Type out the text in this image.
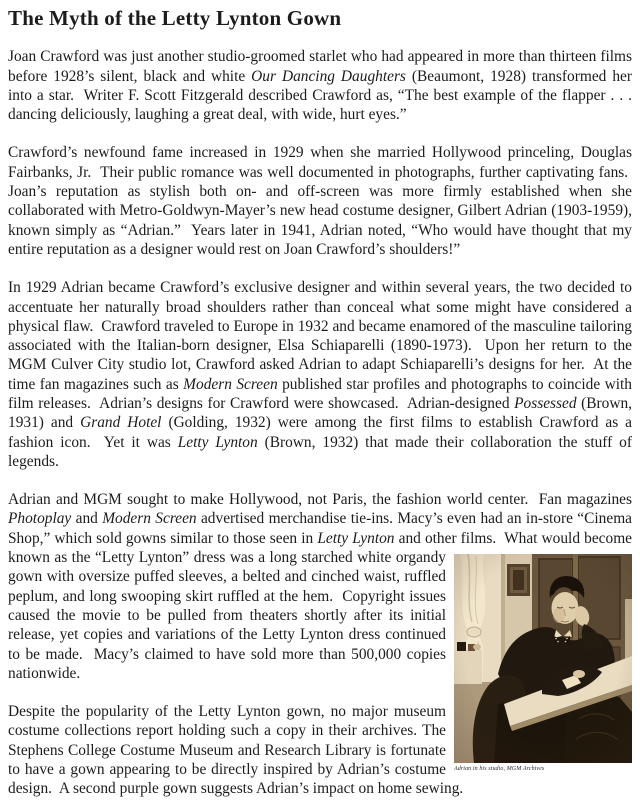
The Myth of the Letty Lynton Gown
Joan Crawford was just another studio-groomed starlet who had appeared in more than thirteen films before 1928’s silent, black and white Our Dancing Daughters (Beaumont, 1928) transformed her into a star.  Writer F. Scott Fitzgerald described Crawford as, “The best example of the flapper . . . dancing deliciously, laughing a great deal, with wide, hurt eyes.”
Crawford’s newfound fame increased in 1929 when she married Hollywood princeling, Douglas Fairbanks, Jr.  Their public romance was well documented in photographs, further captivating fans.  Joan’s reputation as stylish both on- and off-screen was more firmly established when she collaborated with Metro-Goldwyn-Mayer’s new head costume designer, Gilbert Adrian (1903-1959), known simply as “Adrian.”  Years later in 1941, Adrian noted, “Who would have thought that my entire reputation as a designer would rest on Joan Crawford’s shoulders!”
In 1929 Adrian became Crawford’s exclusive designer and within several years, the two decided to accentuate her naturally broad shoulders rather than conceal what some might have considered a physical flaw.  Crawford traveled to Europe in 1932 and became enamored of the masculine tailoring associated with the Italian-born designer, Elsa Schiaparelli (1890-1973).  Upon her return to the MGM Culver City studio lot, Crawford asked Adrian to adapt Schiaparelli’s designs for her.  At the time fan magazines such as Modern Screen published star profiles and photographs to coincide with film releases.  Adrian’s designs for Crawford were showcased.  Adrian-designed Possessed (Brown, 1931) and Grand Hotel (Golding, 1932) were among the first films to establish Crawford as a fashion icon.  Yet it was Letty Lynton (Brown, 1932) that made their collaboration the stuff of legends.
Adrian and MGM sought to make Hollywood, not Paris, the fashion world center.  Fan magazines Photoplay and Modern Screen advertised merchandise tie-ins. Macy’s even had an in-store “Cinema Shop,” which sold gowns similar to those seen in Letty Lynton and other films.  What would become
Adrian in his studio, MGM Archives
known as the “Letty Lynton” dress was a long starched white organdy gown with oversize puffed sleeves, a belted and cinched waist, ruffled peplum, and long swooping skirt ruffled at the hem.  Copyright issues caused the movie to be pulled from theaters shortly after its initial release, yet copies and variations of the Letty Lynton dress continued to be made.  Macy’s claimed to have sold more than 500,000 copies nationwide.
Despite the popularity of the Letty Lynton gown, no major museum costume collections report holding such a copy in their archives. The Stephens College Costume Museum and Research Library is fortunate to have a gown appearing to be directly inspired by Adrian’s costume design.  A second purple gown suggests Adrian’s impact on home sewing.
